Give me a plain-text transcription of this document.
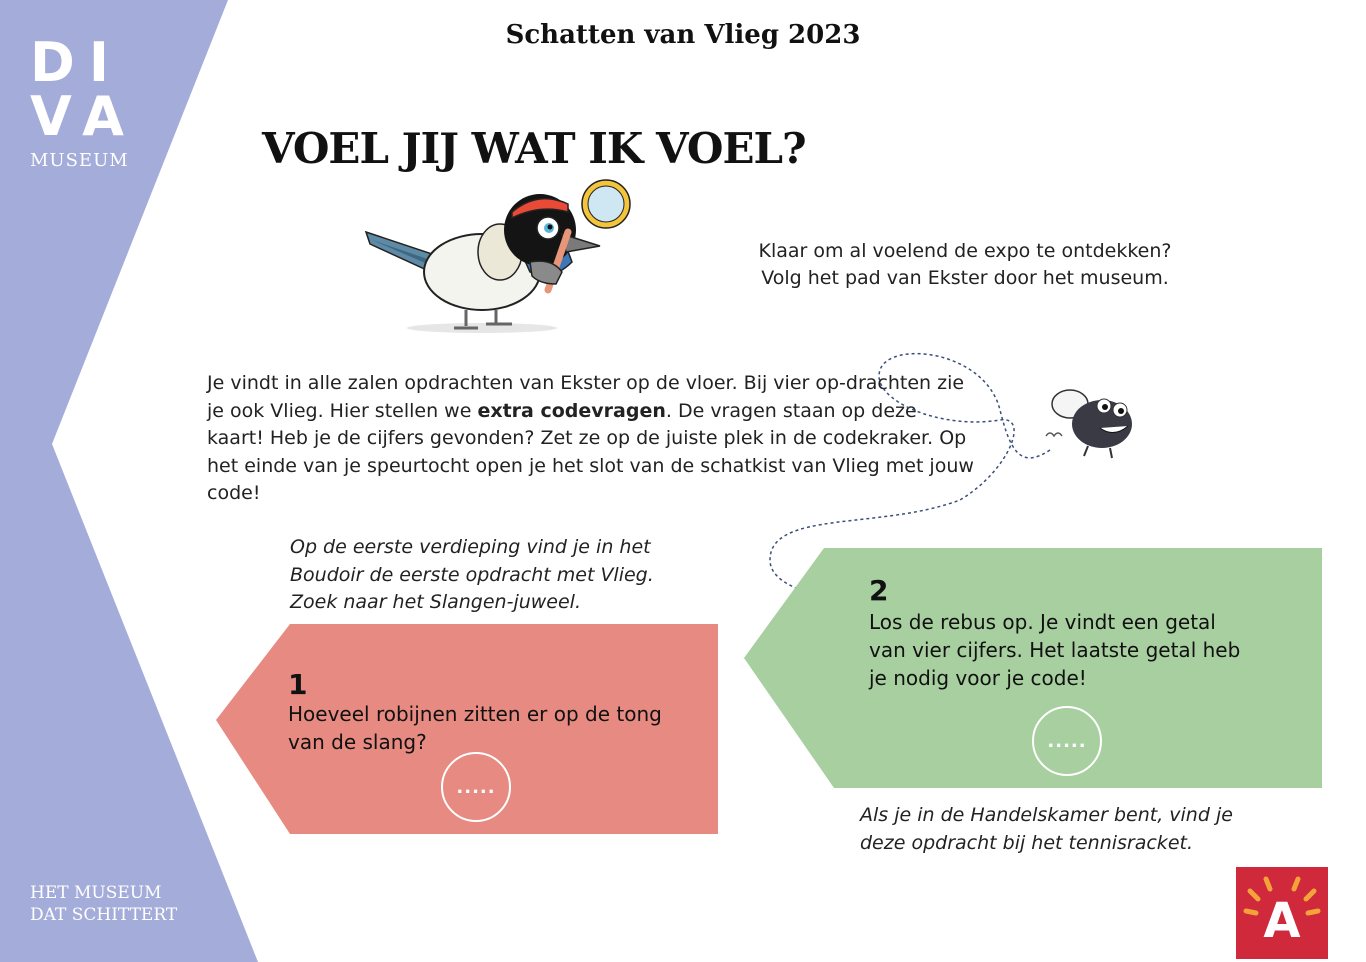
DI
VA
MUSEUM
HET MUSEUM
DAT SCHITTERT
Schatten van Vlieg 2023
VOEL JIJ WAT IK VOEL?
Klaar om al voelend de expo te ontdekken?
Volg het pad van Ekster door het museum.
Je vindt in alle zalen opdrachten van Ekster op de vloer. Bij vier op-drachten zie je ook Vlieg. Hier stellen we extra codevragen. De vragen staan op deze kaart! Heb je de cijfers gevonden? Zet ze op de juiste plek in de codekraker. Op het einde van je speurtocht open je het slot van de schatkist van Vlieg met jouw code!
Op de eerste verdieping vind je in het
Boudoir de eerste opdracht met Vlieg.
Zoek naar het Slangen-juweel.
1
Hoeveel robijnen zitten er op de tong
van de slang?
.....
2
Los de rebus op. Je vindt een getal
van vier cijfers. Het laatste getal heb
je nodig voor je code!
.....
Als je in de Handelskamer bent, vind je
deze opdracht bij het tennisracket.
A
